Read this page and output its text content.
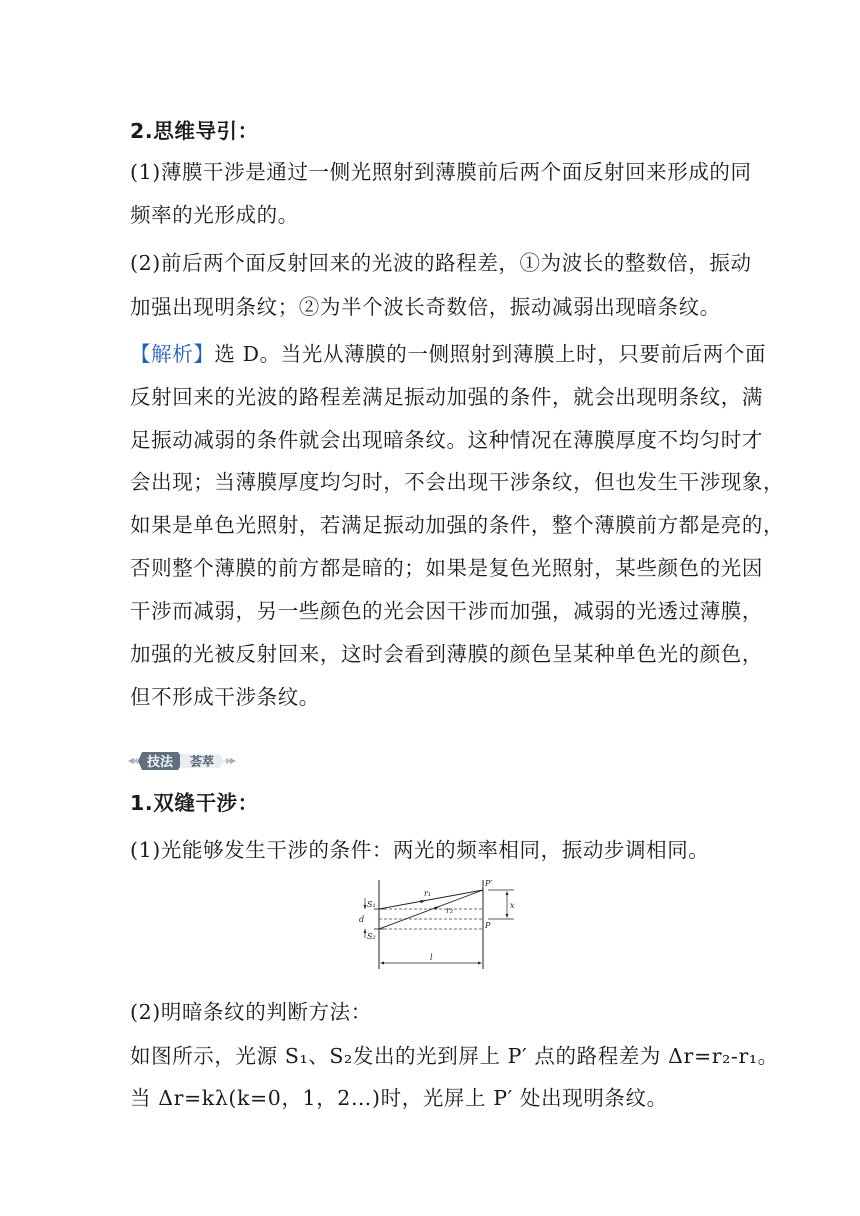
2.思维导引：
(1)薄膜干涉是通过一侧光照射到薄膜前后两个面反射回来形成的同
频率的光形成的。
(2)前后两个面反射回来的光波的路程差，①为波长的整数倍，振动
加强出现明条纹；②为半个波长奇数倍，振动减弱出现暗条纹。
【解析】选 D。当光从薄膜的一侧照射到薄膜上时，只要前后两个面
反射回来的光波的路程差满足振动加强的条件，就会出现明条纹，满
足振动减弱的条件就会出现暗条纹。这种情况在薄膜厚度不均匀时才
会出现；当薄膜厚度均匀时，不会出现干涉条纹，但也发生干涉现象，
如果是单色光照射，若满足振动加强的条件，整个薄膜前方都是亮的，
否则整个薄膜的前方都是暗的；如果是复色光照射，某些颜色的光因
干涉而减弱，另一些颜色的光会因干涉而加强，减弱的光透过薄膜，
加强的光被反射回来，这时会看到薄膜的颜色呈某种单色光的颜色，
但不形成干涉条纹。
技法 荟萃
1.双缝干涉：
(1)光能够发生干涉的条件：两光的频率相同，振动步调相同。
S₁
S₂
d
r₁
r₂
P′
P
x
l
(2)明暗条纹的判断方法：
如图所示，光源 S₁、S₂发出的光到屏上 P′ 点的路程差为 Δr=r₂-r₁。
当 Δr=kλ(k=0，1，2…)时，光屏上 P′ 处出现明条纹。
